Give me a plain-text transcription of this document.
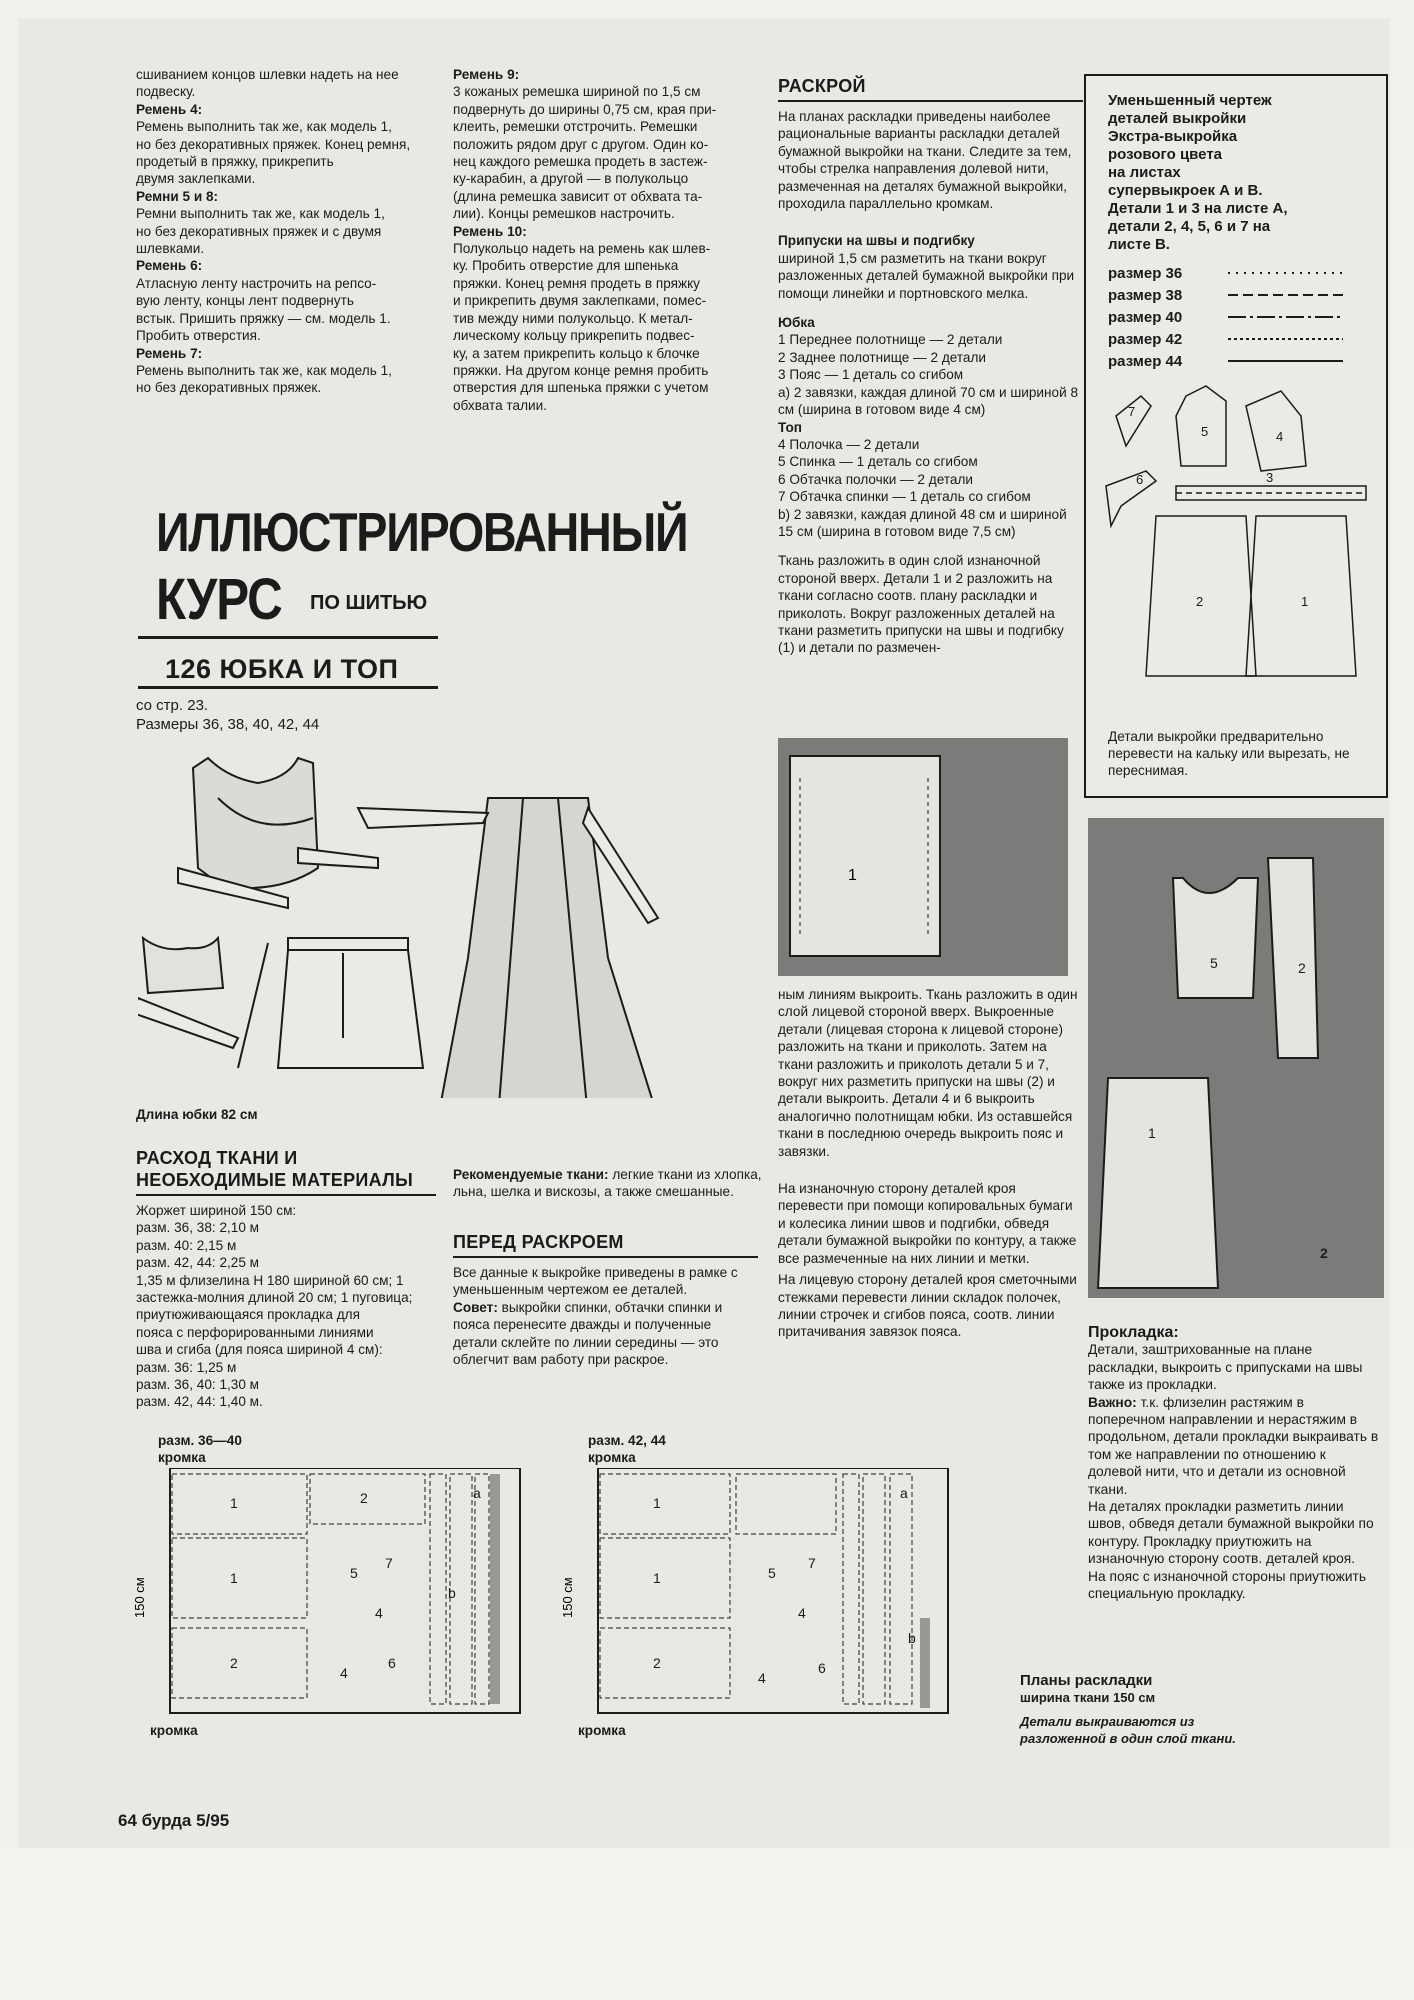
сшиванием концов шлевки надеть на нее

подвеску.

Ремень 4:

Ремень выполнить так же, как модель 1,

но без декоративных пряжек. Конец ремня, продетый в пряжку, прикрепить

двумя заклепками.

Ремни 5 и 8:

Ремни выполнить так же, как модель 1,

но без декоративных пряжек и с двумя

шлевками.

Ремень 6:

Атласную ленту настрочить на репсо-

вую ленту, концы лент подвернуть

встык. Пришить пряжку — см. модель 1.

Пробить отверстия.

Ремень 7:

Ремень выполнить так же, как модель 1,

но без декоративных пряжек.

Ремень 9:

3 кожаных ремешка шириной по 1,5 см

подвернуть до ширины 0,75 см, края при-

клеить, ремешки отстрочить. Ремешки

положить рядом друг с другом. Один ко-

нец каждого ремешка продеть в застеж-

ку-карабин, а другой — в полукольцо

(длина ремешка зависит от обхвата та-

лии). Концы ремешков настрочить.

Ремень 10:

Полукольцо надеть на ремень как шлев-

ку. Пробить отверстие для шпенька

пряжки. Конец ремня продеть в пряжку

и прикрепить двумя заклепками, помес-

тив между ними полукольцо. К метал-

лическому кольцу прикрепить подвес-

ку, а затем прикрепить кольцо к блочке

пряжки. На другом конце ремня пробить

отверстия для шпенька пряжки с учетом

обхвата талии.

ИЛЛЮСТРИРОВАННЫЙ
КУРС ПО ШИТЬЮ
126 ЮБКА И ТОП

со стр. 23.

Размеры 36, 38, 40, 42, 44

Длина юбки 82 см
РАСХОД ТКАНИ И
НЕОБХОДИМЫЕ МАТЕРИАЛЫ

Жоржет шириной 150 см:

разм. 36, 38: 2,10 м

разм. 40: 2,15 м

разм. 42, 44: 2,25 м

1,35 м флизелина H 180 шириной 60 см; 1

застежка-молния длиной 20 см; 1 пуговица;

приутюживающаяся прокладка для

пояса с перфорированными линиями

шва и сгиба (для пояса шириной 4 см):

разм. 36: 1,25 м

разм. 36, 40: 1,30 м

разм. 42, 44: 1,40 м.

Рекомендуемые ткани: легкие ткани из хлопка, льна, шелка и вискозы, а также смешанные.
ПЕРЕД РАСКРОЕМ

Все данные к выкройке приведены в рамке с уменьшенным чертежом ее деталей.

Совет: выкройки спинки, обтачки спинки и пояса перенесите дважды и полученные детали склейте по линии середины — это облегчит вам работу при раскрое.

РАСКРОЙ

На планах раскладки приведены наиболее рациональные варианты раскладки деталей бумажной выкройки на ткани. Следите за тем, чтобы стрелка направления долевой нити, размеченная на деталях бумажной выкройки, проходила параллельно кромкам.

Припуски на швы и подгибку

шириной 1,5 см разметить на ткани вокруг разложенных деталей бумажной выкройки при помощи линейки и портновского мелка.

Юбка

1 Переднее полотнище — 2 детали

2 Заднее полотнище — 2 детали

3 Пояс — 1 деталь со сгибом

a) 2 завязки, каждая длиной 70 см и шириной 8 см (ширина в готовом виде 4 см)

Топ

4 Полочка — 2 детали

5 Спинка — 1 деталь со сгибом

6 Обтачка полочки — 2 детали

7 Обтачка спинки — 1 деталь со сгибом

b) 2 завязки, каждая длиной 48 см и шириной 15 см (ширина в готовом виде 7,5 см)

Ткань разложить в один слой изнаночной стороной вверх. Детали 1 и 2 разложить на ткани согласно соотв. плану раскладки и приколоть. Вокруг разложенных деталей на ткани разметить припуски на швы и подгибку (1) и детали по размечен-

1

ным линиям выкроить. Ткань разложить в один слой лицевой стороной вверх. Выкроенные детали (лицевая сторона к лицевой стороне) разложить на ткани и приколоть. Затем на ткани разложить и приколоть детали 5 и 7, вокруг них разметить припуски на швы (2) и детали выкроить. Детали 4 и 6 выкроить аналогично полотнищам юбки. Из оставшейся ткани в последнюю очередь выкроить пояс и завязки.

На изнаночную сторону деталей кроя перевести при помощи копировальных бумаги и колесика линии швов и подгибки, обведя детали бумажной выкройки по контуру, а также все размеченные на них линии и метки.

На лицевую сторону деталей кроя сметочными стежками перевести линии складок полочек, линии строчек и сгибов пояса, соотв. линии притачивания завязок пояса.

Уменьшенный чертеж
деталей выкройки
Экстра-выкройка
розового цвета
на листах
супервыкроек А и В.
Детали 1 и 3 на листе А,
детали 2, 4, 5, 6 и 7 на
листе В.
размер 36
размер 38
размер 40
размер 42
размер 44
7
5	4
6	3
2	1
Детали выкройки предварительно перевести на кальку или вырезать, не переснимая.
5	2
1
2

Прокладка:

Детали, заштрихованные на плане раскладки, выкроить с припусками на швы также из прокладки.

Важно: т.к. флизелин растяжим в поперечном направлении и нерастяжим в продольном, детали прокладки выкраивать в том же направлении по отношению к долевой нити, что и детали из основной ткани.

На деталях прокладки разметить линии швов, обведя детали бумажной выкройки по контуру. Прокладку приутюжить на изнаночную сторону соотв. деталей кроя.

На пояс с изнаночной стороны приутюжить специальную прокладку.

разм. 36—40
кромка
разм. 42, 44
кромка
1
1
2
2
5
7
4
4
6
a
b
150 см
1
1
2
5
7
4
4
6
a
b
150 см
кромка	кромка

Планы раскладки

ширина ткани 150 см

Детали выкраиваются из разложенной в один слой ткани.

64 бурда 5/95
